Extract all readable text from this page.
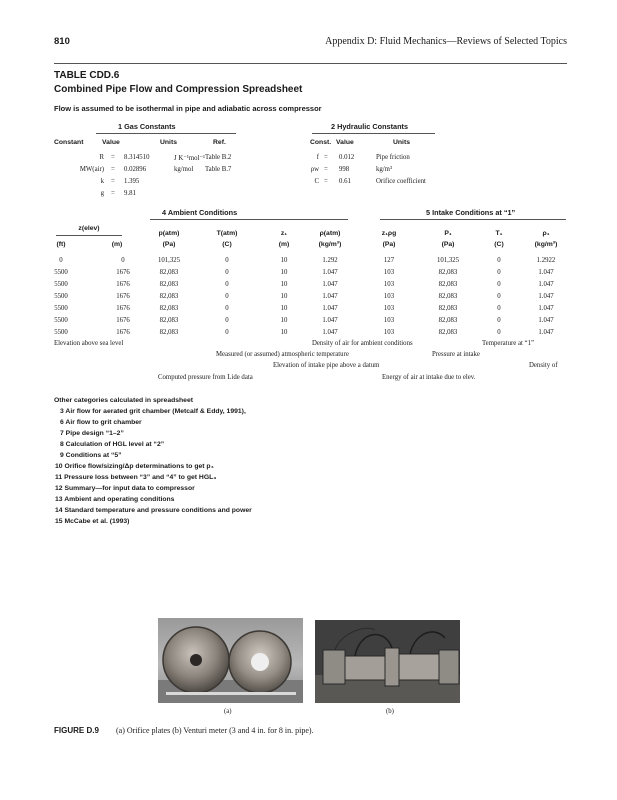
810	Appendix D: Fluid Mechanics—Reviews of Selected Topics
TABLE CDD.6
Combined Pipe Flow and Compression Spreadsheet
Flow is assumed to be isothermal in pipe and adiabatic across compressor
1 Gas Constants
Constant	Value	Units	Ref.
R = 8.314510	J K⁻¹mol⁻¹ Table B.2
MW(air) = 0.02896	kg/mol Table B.7
k = 1.395
g = 9.81
2 Hydraulic Constants
Const. Value	Units
f = 0.012	Pipe friction
ρw = 998	kg/m³
C = 0.61	Orifice coefficient
4 Ambient Conditions	5 Intake Conditions at “1”
z(elev)
p(atm)	T(atm)	z₁	ρ(atm)	z₁ρg	P₁	T₁	ρ₁
(ft)	(m)	(Pa)	(C)	(m)	(kg/m³)	(Pa)	(Pa)	(C)	(kg/m³)
0	0	101,325	0	10	1.292	127	101,325	0	1.2922
5500	1676	82,083	0	10	1.047	103	82,083	0	1.047
5500	1676	82,083	0	10	1.047	103	82,083	0	1.047
5500	1676	82,083	0	10	1.047	103	82,083	0	1.047
5500	1676	82,083	0	10	1.047	103	82,083	0	1.047
5500	1676	82,083	0	10	1.047	103	82,083	0	1.047
5500	1676	82,083	0	10	1.047	103	82,083	0	1.047
Elevation above sea level	Density of air for ambient conditions	Temperature at “1”
Measured (or assumed) atmospheric temperature	Pressure at intake
Elevation of intake pipe above a datum	Density of
Computed pressure from Lide data	Energy of air at intake due to elev.
Other categories calculated in spreadsheet
3 Air flow for aerated grit chamber (Metcalf & Eddy, 1991),
6 Air flow to grit chamber
7 Pipe design “1–2”
8 Calculation of HGL level at “2”
9 Conditions at “5”
10 Orifice flow/sizing/Δp determinations to get p₄
11 Pressure loss between “3” and “4” to get HGL₃
12 Summary—for input data to compressor
13 Ambient and operating conditions
14 Standard temperature and pressure conditions and power
15 McCabe et al. (1993)
(a)	(b)
FIGURE D.9 (a) Orifice plates (b) Venturi meter (3 and 4 in. for 8 in. pipe).
